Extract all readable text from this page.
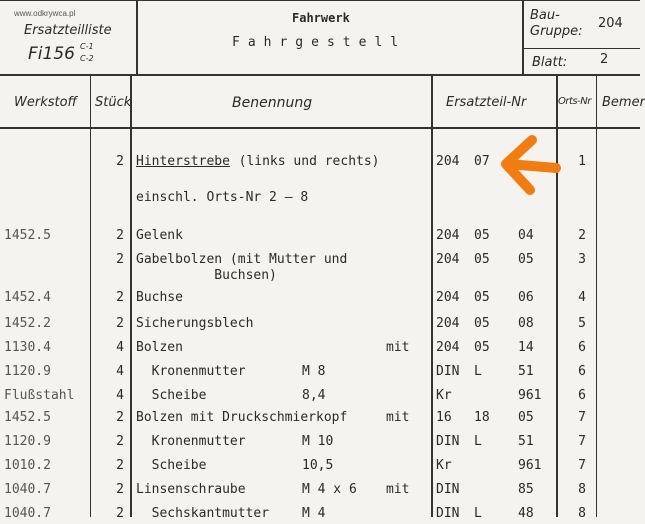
www.odkrywca.pl
Ersatzteilliste
Fi156 C-1
C-2
Fahrwerk
Fahrgestell
Bau-
Gruppe:
204
Blatt:	2
Werkstoff Stück	Benennung	Ersatzteil-Nr	Orts-Nr Bemer
2 Hinterstrebe (links und rechts)	204 07	1
einschl. Orts-Nr 2 – 8
1452.5	2 Gelenk	204 05 04	2
2 Gabelbolzen (mit Mutter und	204 05 05	3
Buchsen)
1452.4	2 Buchse	204 05 06	4
1452.2	2 Sicherungsblech	204 05 08	5
1130.4	4 Bolzen	mit 204 05 14	6
1120.9	4 Kronenmutter	M 8	DIN L	51	6
Flußstahl	4 Scheibe	8,4	Kr	961	6
1452.5	2 Bolzen mit Druckschmierkopf	mit 16 18 05	7
1120.9	2 Kronenmutter	M 10	DIN L	51	7
1010.2	2 Scheibe	10,5	Kr	961	7
1040.7	2 Linsenschraube	M 4 x 6 mit DIN	85	8
1040.7	2 Sechskantmutter	M 4	DIN L	48	8
